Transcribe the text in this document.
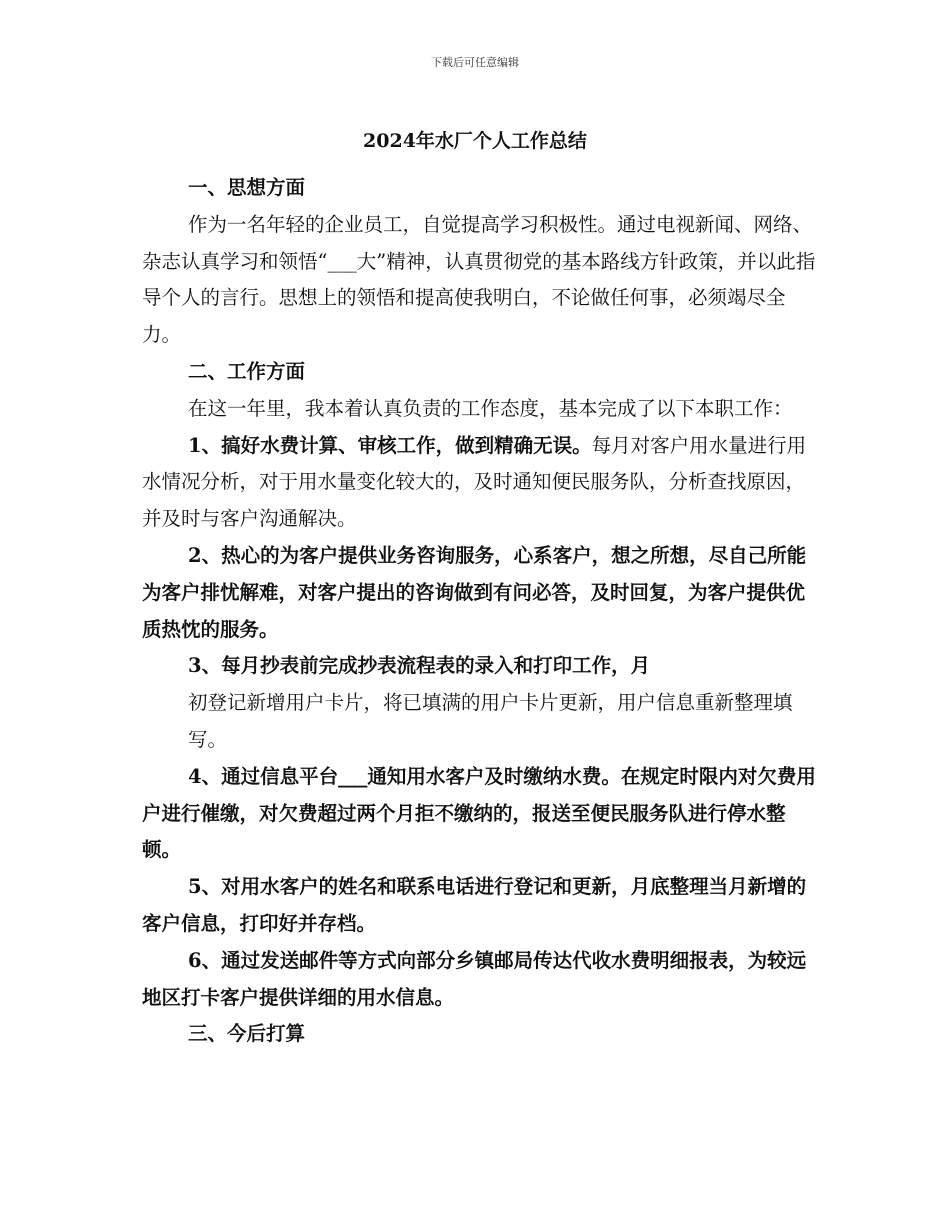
下载后可任意编辑
2024年水厂个人工作总结

一、思想方面

作为一名年轻的企业员工，自觉提高学习积极性。通过电视新闻、网络、杂志认真学习和领悟“___大”精神，认真贯彻党的基本路线方针政策，并以此指导个人的言行。思想上的领悟和提高使我明白，不论做任何事，必须竭尽全力。

二、工作方面

在这一年里，我本着认真负责的工作态度，基本完成了以下本职工作：

1、搞好水费计算、审核工作，做到精确无误。每月对客户用水量进行用水情况分析，对于用水量变化较大的，及时通知便民服务队，分析查找原因，并及时与客户沟通解决。

2、热心的为客户提供业务咨询服务，心系客户，想之所想，尽自己所能为客户排忧解难，对客户提出的咨询做到有问必答，及时回复，为客户提供优质热忱的服务。

3、每月抄表前完成抄表流程表的录入和打印工作，月

初登记新增用户卡片，将已填满的用户卡片更新，用户信息重新整理填写。

4、通过信息平台___通知用水客户及时缴纳水费。在规定时限内对欠费用户进行催缴，对欠费超过两个月拒不缴纳的，报送至便民服务队进行停水整顿。

5、对用水客户的姓名和联系电话进行登记和更新，月底整理当月新增的客户信息，打印好并存档。

6、通过发送邮件等方式向部分乡镇邮局传达代收水费明细报表，为较远地区打卡客户提供详细的用水信息。

三、今后打算
